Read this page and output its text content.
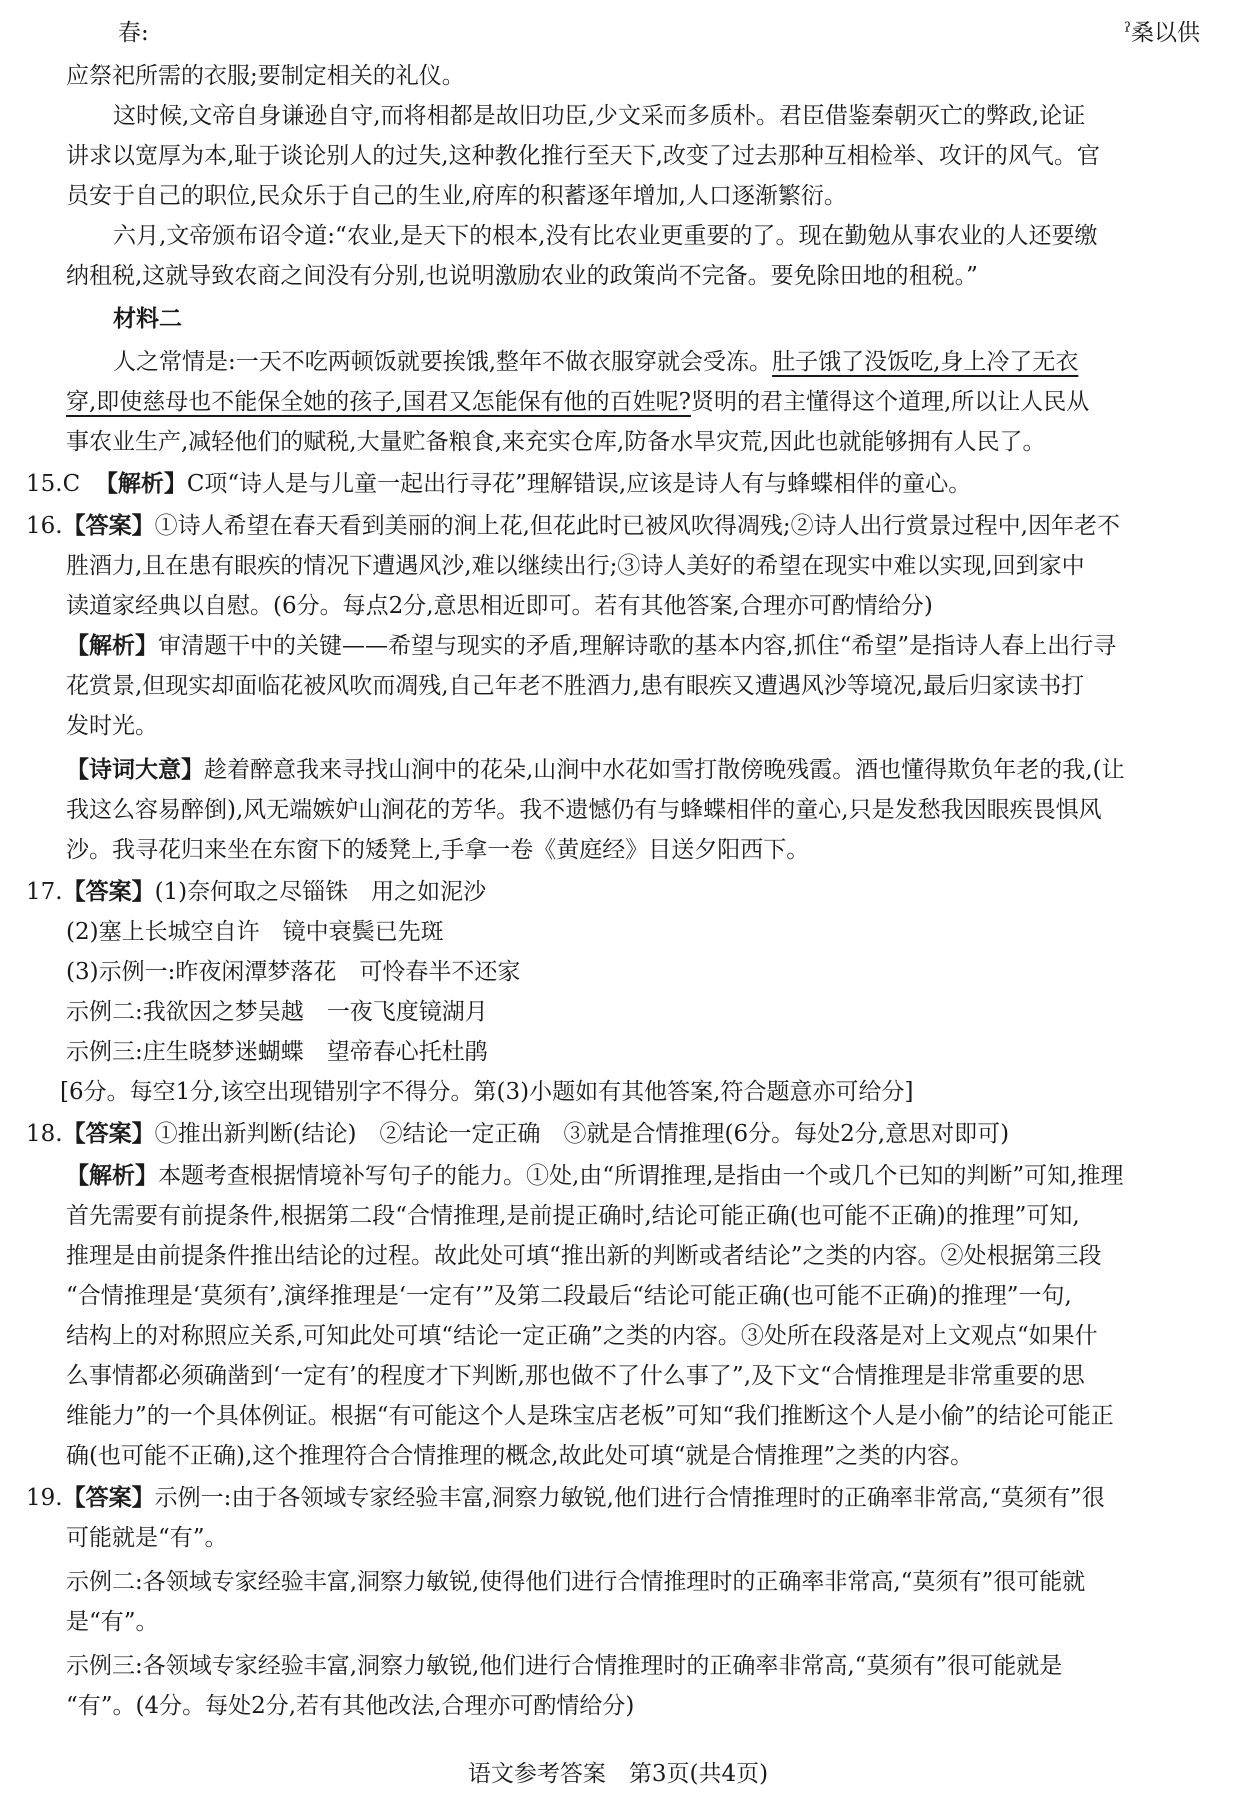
春:	ˀ桑以供
应祭祀所需的衣服;要制定相关的礼仪。
这时候,文帝自身谦逊自守,而将相都是故旧功臣,少文采而多质朴。君臣借鉴秦朝灭亡的弊政,论证
讲求以宽厚为本,耻于谈论别人的过失,这种教化推行至天下,改变了过去那种互相检举、攻讦的风气。官
员安于自己的职位,民众乐于自己的生业,府库的积蓄逐年增加,人口逐渐繁衍。
六月,文帝颁布诏令道:“农业,是天下的根本,没有比农业更重要的了。现在勤勉从事农业的人还要缴
纳租税,这就导致农商之间没有分别,也说明激励农业的政策尚不完备。要免除田地的租税。”
材料二
人之常情是:一天不吃两顿饭就要挨饿,整年不做衣服穿就会受冻。肚子饿了没饭吃,身上冷了无衣
穿,即使慈母也不能保全她的孩子,国君又怎能保有他的百姓呢?贤明的君主懂得这个道理,所以让人民从
事农业生产,减轻他们的赋税,大量贮备粮食,来充实仓库,防备水旱灾荒,因此也就能够拥有人民了。
15.C 【解析】C项“诗人是与儿童一起出行寻花”理解错误,应该是诗人有与蜂蝶相伴的童心。
16.【答案】①诗人希望在春天看到美丽的涧上花,但花此时已被风吹得凋残;②诗人出行赏景过程中,因年老不
胜酒力,且在患有眼疾的情况下遭遇风沙,难以继续出行;③诗人美好的希望在现实中难以实现,回到家中
读道家经典以自慰。(6分。每点2分,意思相近即可。若有其他答案,合理亦可酌情给分)
【解析】审清题干中的关键——希望与现实的矛盾,理解诗歌的基本内容,抓住“希望”是指诗人春上出行寻
花赏景,但现实却面临花被风吹而凋残,自己年老不胜酒力,患有眼疾又遭遇风沙等境况,最后归家读书打
发时光。
【诗词大意】趁着醉意我来寻找山涧中的花朵,山涧中水花如雪打散傍晚残霞。酒也懂得欺负年老的我,(让
我这么容易醉倒),风无端嫉妒山涧花的芳华。我不遗憾仍有与蜂蝶相伴的童心,只是发愁我因眼疾畏惧风
沙。我寻花归来坐在东窗下的矮凳上,手拿一卷《黄庭经》目送夕阳西下。
17.【答案】(1)奈何取之尽锱铢　用之如泥沙
(2)塞上长城空自许　镜中衰鬓已先斑
(3)示例一:昨夜闲潭梦落花　可怜春半不还家
示例二:我欲因之梦吴越　一夜飞度镜湖月
示例三:庄生晓梦迷蝴蝶　望帝春心托杜鹃
[6分。每空1分,该空出现错别字不得分。第(3)小题如有其他答案,符合题意亦可给分]
18.【答案】①推出新判断(结论)　②结论一定正确　③就是合情推理(6分。每处2分,意思对即可)
【解析】本题考查根据情境补写句子的能力。①处,由“所谓推理,是指由一个或几个已知的判断”可知,推理
首先需要有前提条件,根据第二段“合情推理,是前提正确时,结论可能正确(也可能不正确)的推理”可知,
推理是由前提条件推出结论的过程。故此处可填“推出新的判断或者结论”之类的内容。②处根据第三段
“合情推理是‘莫须有’,演绎推理是‘一定有’”及第二段最后“结论可能正确(也可能不正确)的推理”一句,
结构上的对称照应关系,可知此处可填“结论一定正确”之类的内容。③处所在段落是对上文观点“如果什
么事情都必须确凿到‘一定有’的程度才下判断,那也做不了什么事了”,及下文“合情推理是非常重要的思
维能力”的一个具体例证。根据“有可能这个人是珠宝店老板”可知“我们推断这个人是小偷”的结论可能正
确(也可能不正确),这个推理符合合情推理的概念,故此处可填“就是合情推理”之类的内容。
19.【答案】示例一:由于各领域专家经验丰富,洞察力敏锐,他们进行合情推理时的正确率非常高,“莫须有”很
可能就是“有”。
示例二:各领域专家经验丰富,洞察力敏锐,使得他们进行合情推理时的正确率非常高,“莫须有”很可能就
是“有”。
示例三:各领域专家经验丰富,洞察力敏锐,他们进行合情推理时的正确率非常高,“莫须有”很可能就是
“有”。(4分。每处2分,若有其他改法,合理亦可酌情给分)
语文参考答案　第3页(共4页)
